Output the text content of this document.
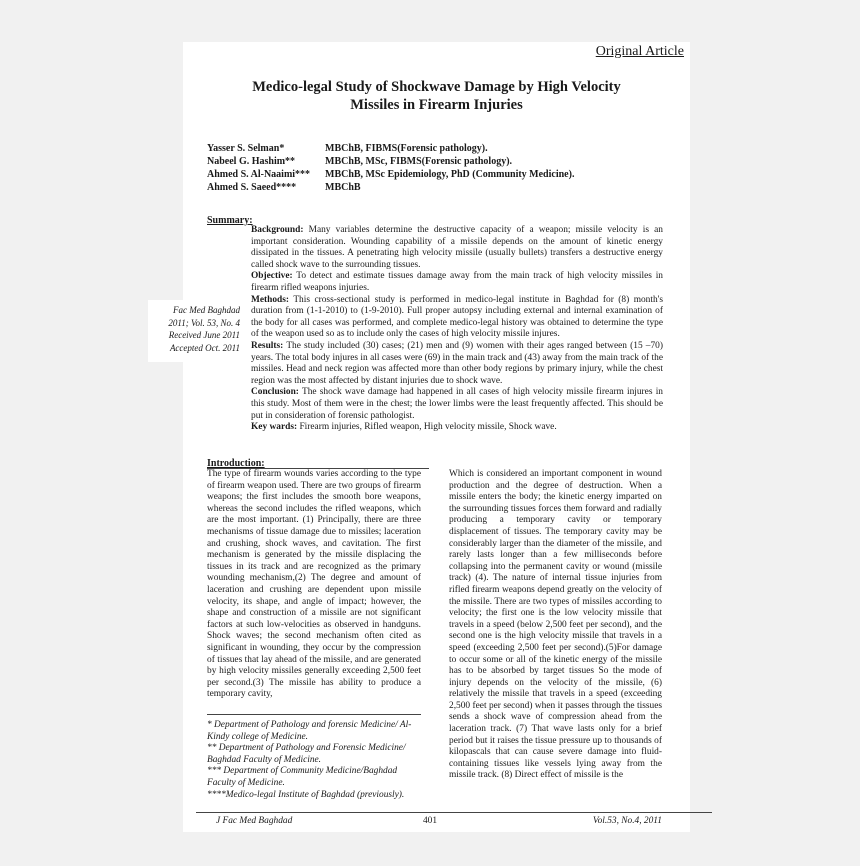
Original Article
Medico-legal Study of Shockwave Damage by High Velocity
Missiles in Firearm Injuries
Yasser S. Selman*	MBChB, FIBMS(Forensic pathology).
Nabeel G. Hashim**	MBChB, MSc, FIBMS(Forensic pathology).
Ahmed S. Al-Naaimi*** MBChB, MSc Epidemiology, PhD (Community Medicine).
Ahmed S. Saeed****	MBChB
Summary:

Background: Many variables determine the destructive capacity of a weapon; missile velocity is an important consideration. Wounding capability of a missile depends on the amount of kinetic energy dissipated in the tissues. A penetrating high velocity missile (usually bullets) transfers a destructive energy called shock wave to the surrounding tissues.

Objective: To detect and estimate tissues damage away from the main track of high velocity missiles in firearm rifled weapons injuries.

Methods: This cross-sectional study is performed in medico-legal institute in Baghdad for (8) month's duration from (1-1-2010) to (1-9-2010). Full proper autopsy including external and internal examination of the body for all cases was performed, and complete medico-legal history was obtained to determine the type of the weapon used so as to include only the cases of high velocity missile injures.

Results: The study included (30) cases; (21) men and (9) women with their ages ranged between (15 –70) years. The total body injures in all cases were (69) in the main track and (43) away from the main track of the missiles. Head and neck region was affected more than other body regions by primary injury, while the chest region was the most affected by distant injuries due to shock wave.

Conclusion: The shock wave damage had happened in all cases of high velocity missile firearm injures in this study. Most of them were in the chest; the lower limbs were the least frequently affected. This should be put in consideration of forensic pathologist.

Key wards: Firearm injuries, Rifled weapon, High velocity missile, Shock wave.

Fac Med Baghdad
2011; Vol. 53, No. 4
Received June 2011
Accepted Oct. 2011
Introduction:
The type of firearm wounds varies according to the type of firearm weapon used. There are two groups of firearm weapons; the first includes the smooth bore weapons, whereas the second includes the rifled weapons, which are the most important. (1) Principally, there are three mechanisms of tissue damage due to missiles; laceration and crushing, shock waves, and cavitation. The first mechanism is generated by the missile displacing the tissues in its track and are recognized as the primary wounding mechanism,(2) The degree and amount of laceration and crushing are dependent upon missile velocity, its shape, and angle of impact; however, the shape and construction of a missile are not significant factors at such low-velocities as observed in handguns. Shock waves; the second mechanism often cited as significant in wounding, they occur by the compression of tissues that lay ahead of the missile, and are generated by high velocity missiles generally exceeding 2,500 feet per second.(3) The missile has ability to produce a temporary cavity,
Which is considered an important component in wound production and the degree of destruction. When a missile enters the body; the kinetic energy imparted on the surrounding tissues forces them forward and radially producing a temporary cavity or temporary displacement of tissues. The temporary cavity may be considerably larger than the diameter of the missile, and rarely lasts longer than a few milliseconds before collapsing into the permanent cavity or wound (missile track) (4). The nature of internal tissue injuries from rifled firearm weapons depend greatly on the velocity of the missile. There are two types of missiles according to velocity; the first one is the low velocity missile that travels in a speed (below 2,500 feet per second), and the second one is the high velocity missile that travels in a speed (exceeding 2,500 feet per second).(5)For damage to occur some or all of the kinetic energy of the missile has to be absorbed by target tissues So the mode of injury depends on the velocity of the missile, (6) relatively the missile that travels in a speed (exceeding 2,500 feet per second) when it passes through the tissues sends a shock wave of compression ahead from the laceration track. (7) That wave lasts only for a brief period but it raises the tissue pressure up to thousands of kilopascals that can cause severe damage into fluid-containing tissues like vessels lying away from the missile track. (8) Direct effect of missile is the
* Department of Pathology and forensic Medicine/ Al-Kindy college of Medicine.
** Department of Pathology and Forensic Medicine/ Baghdad Faculty of Medicine.
*** Department of Community Medicine/Baghdad Faculty of Medicine.
****Medico-legal Institute of Baghdad (previously).
J Fac Med Baghdad	401	Vol.53, No.4, 2011
